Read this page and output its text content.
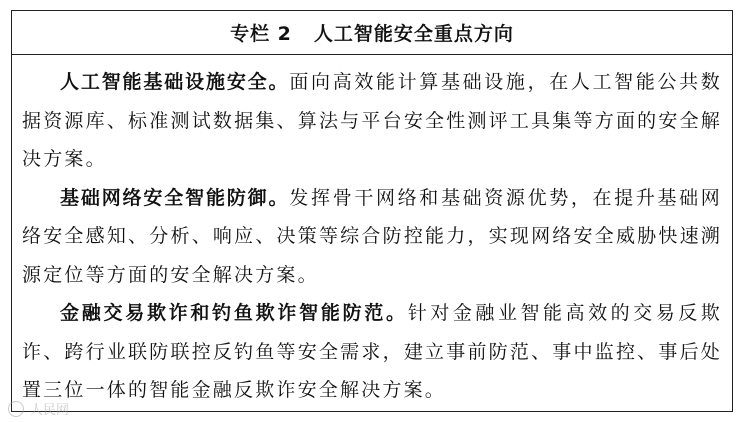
专栏 2 人工智能安全重点方向

人工智能基础设施安全。面向高效能计算基础设施，在人工智能公共数据资源库、标准测试数据集、算法与平台安全性测评工具集等方面的安全解决方案。

基础网络安全智能防御。发挥骨干网络和基础资源优势，在提升基础网络安全感知、分析、响应、决策等综合防控能力，实现网络安全威胁快速溯源定位等方面的安全解决方案。

金融交易欺诈和钓鱼欺诈智能防范。针对金融业智能高效的交易反欺诈、跨行业联防联控反钓鱼等安全需求，建立事前防范、事中监控、事后处置三位一体的智能金融反欺诈安全解决方案。

人民网
